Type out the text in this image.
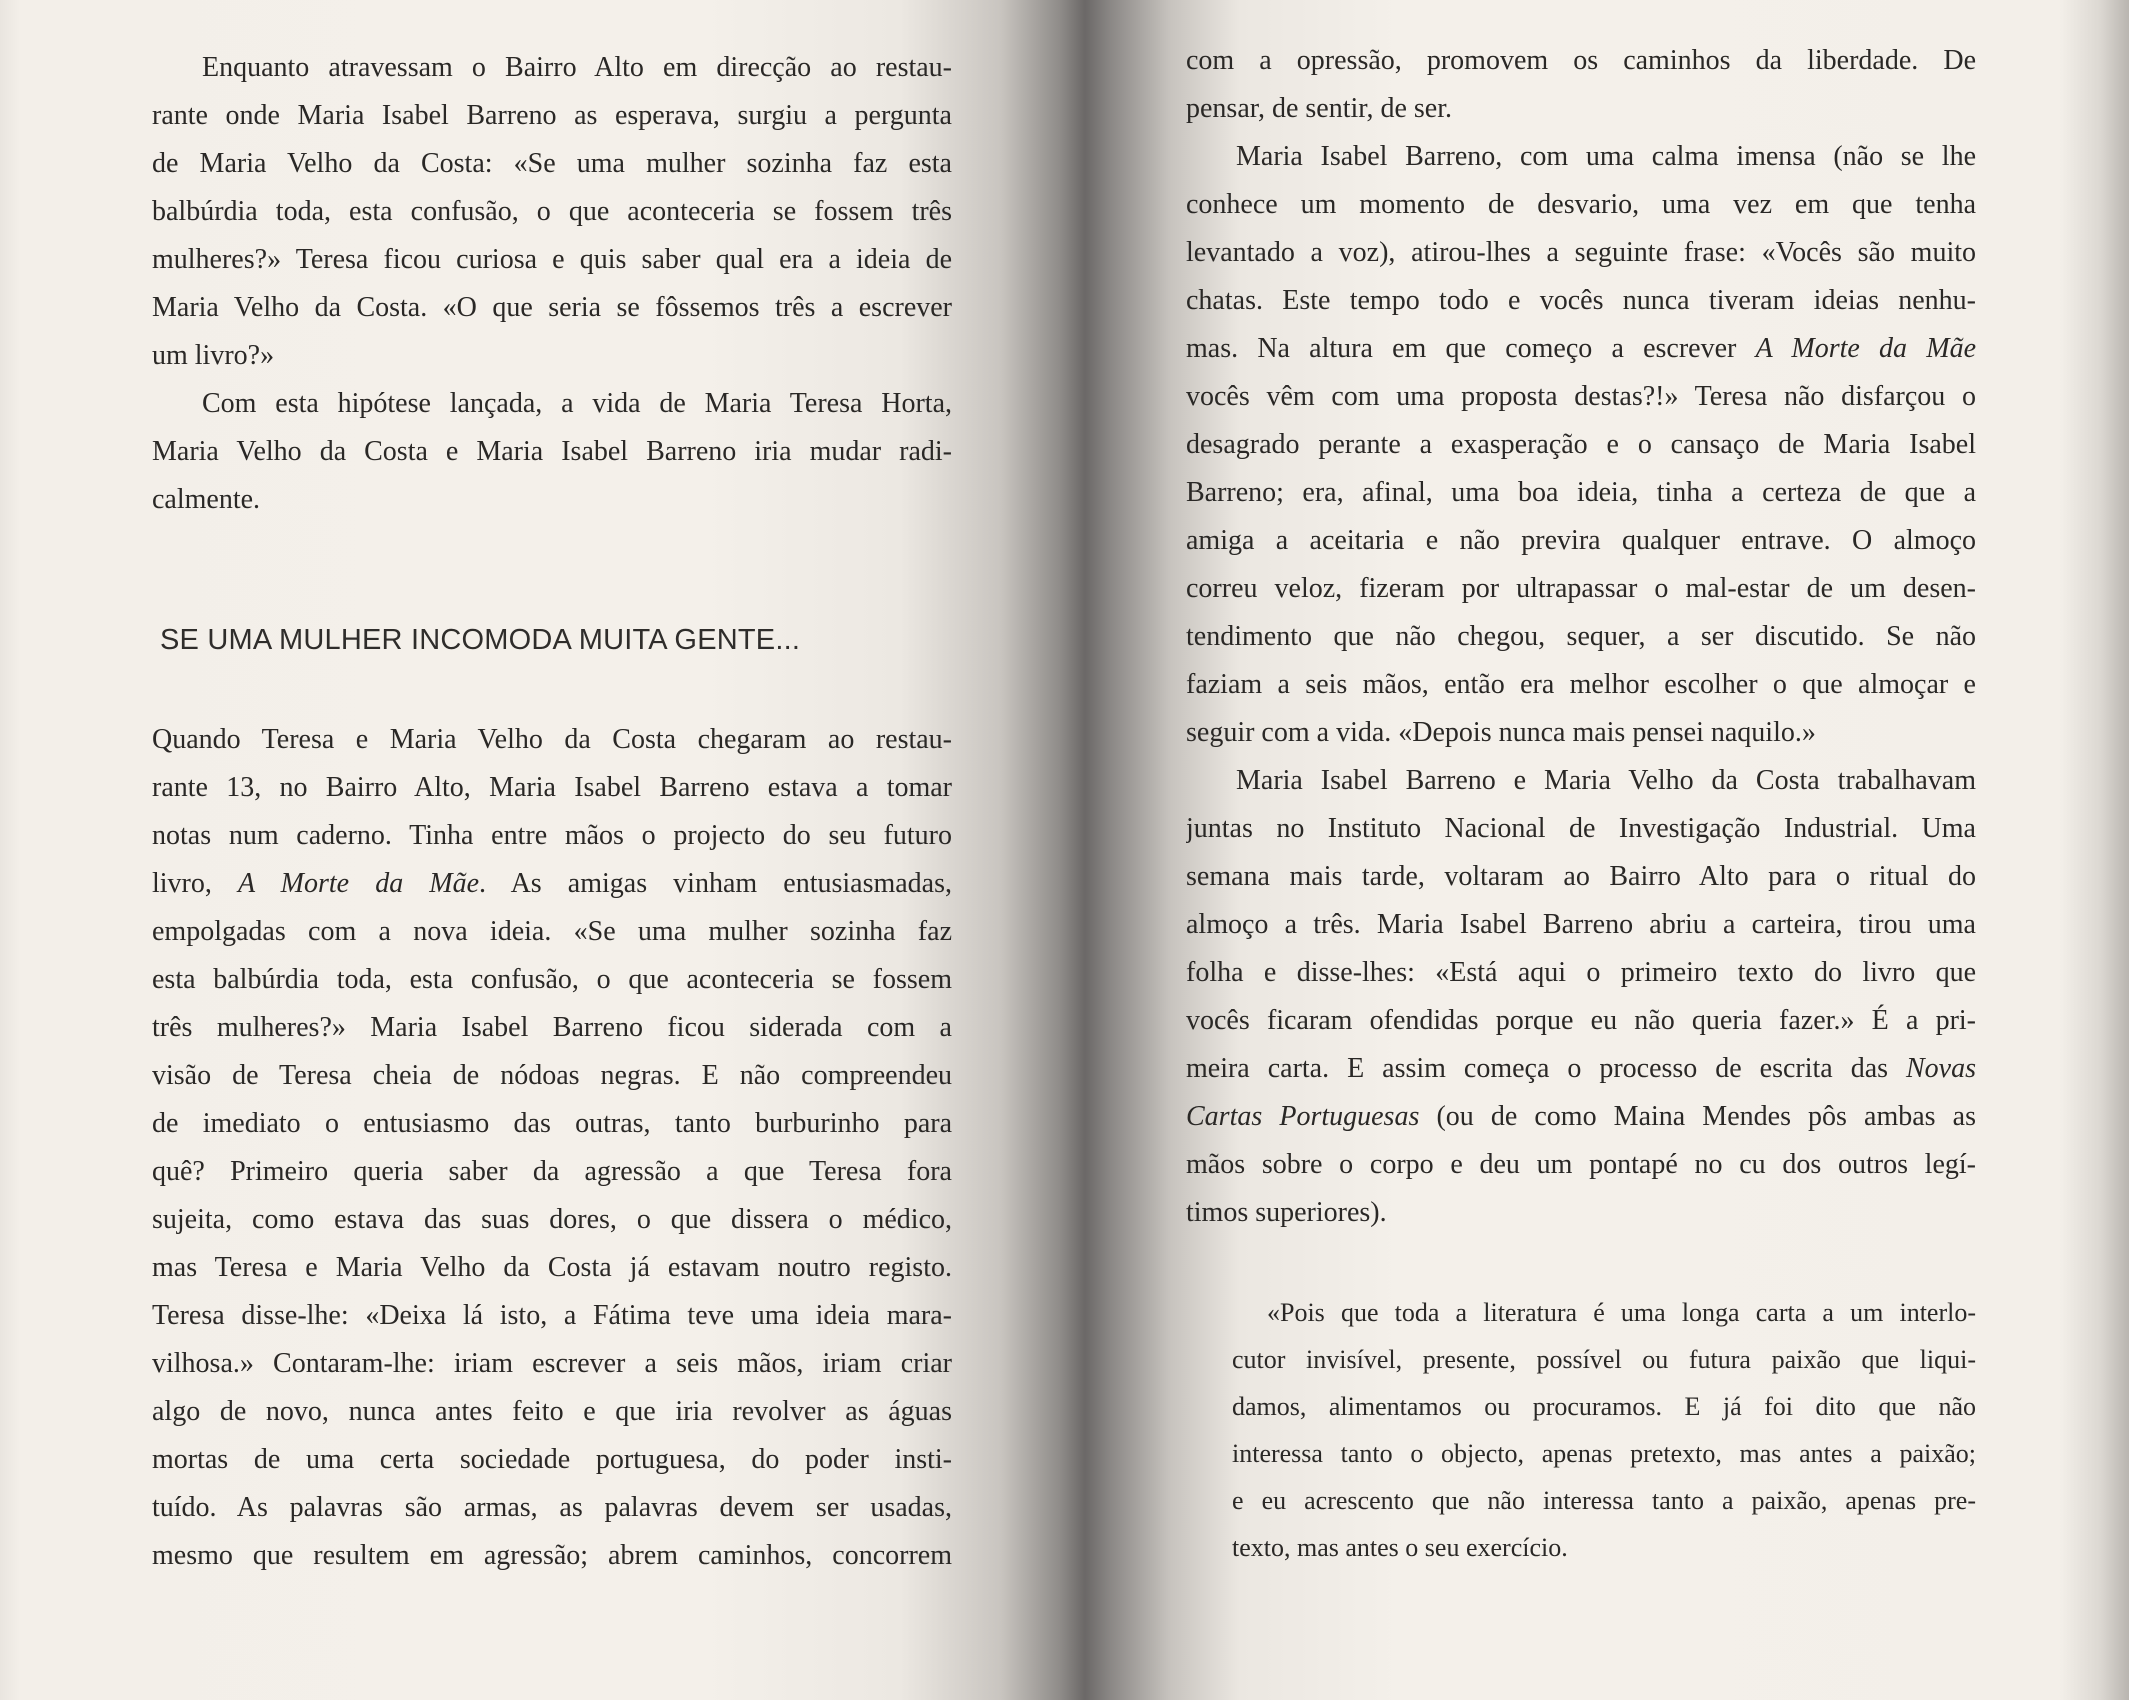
Enquanto atravessam o Bairro Alto em direcção ao restau-
rante onde Maria Isabel Barreno as esperava, surgiu a pergunta
de Maria Velho da Costa: «Se uma mulher sozinha faz esta
balbúrdia toda, esta confusão, o que aconteceria se fossem três
mulheres?» Teresa ficou curiosa e quis saber qual era a ideia de
Maria Velho da Costa. «O que seria se fôssemos três a escrever
um livro?»
Com esta hipótese lançada, a vida de Maria Teresa Horta,
Maria Velho da Costa e Maria Isabel Barreno iria mudar radi-
calmente.
SE UMA MULHER INCOMODA MUITA GENTE...
Quando Teresa e Maria Velho da Costa chegaram ao restau-
rante 13, no Bairro Alto, Maria Isabel Barreno estava a tomar
notas num caderno. Tinha entre mãos o projecto do seu futuro
livro, A Morte da Mãe. As amigas vinham entusiasmadas,
empolgadas com a nova ideia. «Se uma mulher sozinha faz
esta balbúrdia toda, esta confusão, o que aconteceria se fossem
três mulheres?» Maria Isabel Barreno ficou siderada com a
visão de Teresa cheia de nódoas negras. E não compreendeu
de imediato o entusiasmo das outras, tanto burburinho para
quê? Primeiro queria saber da agressão a que Teresa fora
sujeita, como estava das suas dores, o que dissera o médico,
mas Teresa e Maria Velho da Costa já estavam noutro registo.
Teresa disse-lhe: «Deixa lá isto, a Fátima teve uma ideia mara-
vilhosa.» Contaram-lhe: iriam escrever a seis mãos, iriam criar
algo de novo, nunca antes feito e que iria revolver as águas
mortas de uma certa sociedade portuguesa, do poder insti-
tuído. As palavras são armas, as palavras devem ser usadas,
mesmo que resultem em agressão; abrem caminhos, concorrem
com a opressão, promovem os caminhos da liberdade. De
pensar, de sentir, de ser.
Maria Isabel Barreno, com uma calma imensa (não se lhe
conhece um momento de desvario, uma vez em que tenha
levantado a voz), atirou-lhes a seguinte frase: «Vocês são muito
chatas. Este tempo todo e vocês nunca tiveram ideias nenhu-
mas. Na altura em que começo a escrever A Morte da Mãe
vocês vêm com uma proposta destas?!» Teresa não disfarçou o
desagrado perante a exasperação e o cansaço de Maria Isabel
Barreno; era, afinal, uma boa ideia, tinha a certeza de que a
amiga a aceitaria e não previra qualquer entrave. O almoço
correu veloz, fizeram por ultrapassar o mal-estar de um desen-
tendimento que não chegou, sequer, a ser discutido. Se não
faziam a seis mãos, então era melhor escolher o que almoçar e
seguir com a vida. «Depois nunca mais pensei naquilo.»
Maria Isabel Barreno e Maria Velho da Costa trabalhavam
juntas no Instituto Nacional de Investigação Industrial. Uma
semana mais tarde, voltaram ao Bairro Alto para o ritual do
almoço a três. Maria Isabel Barreno abriu a carteira, tirou uma
folha e disse-lhes: «Está aqui o primeiro texto do livro que
vocês ficaram ofendidas porque eu não queria fazer.» É a pri-
meira carta. E assim começa o processo de escrita das Novas
Cartas Portuguesas (ou de como Maina Mendes pôs ambas as
mãos sobre o corpo e deu um pontapé no cu dos outros legí-
timos superiores).
«Pois que toda a literatura é uma longa carta a um interlo-
cutor invisível, presente, possível ou futura paixão que liqui-
damos, alimentamos ou procuramos. E já foi dito que não
interessa tanto o objecto, apenas pretexto, mas antes a paixão;
e eu acrescento que não interessa tanto a paixão, apenas pre-
texto, mas antes o seu exercício.
